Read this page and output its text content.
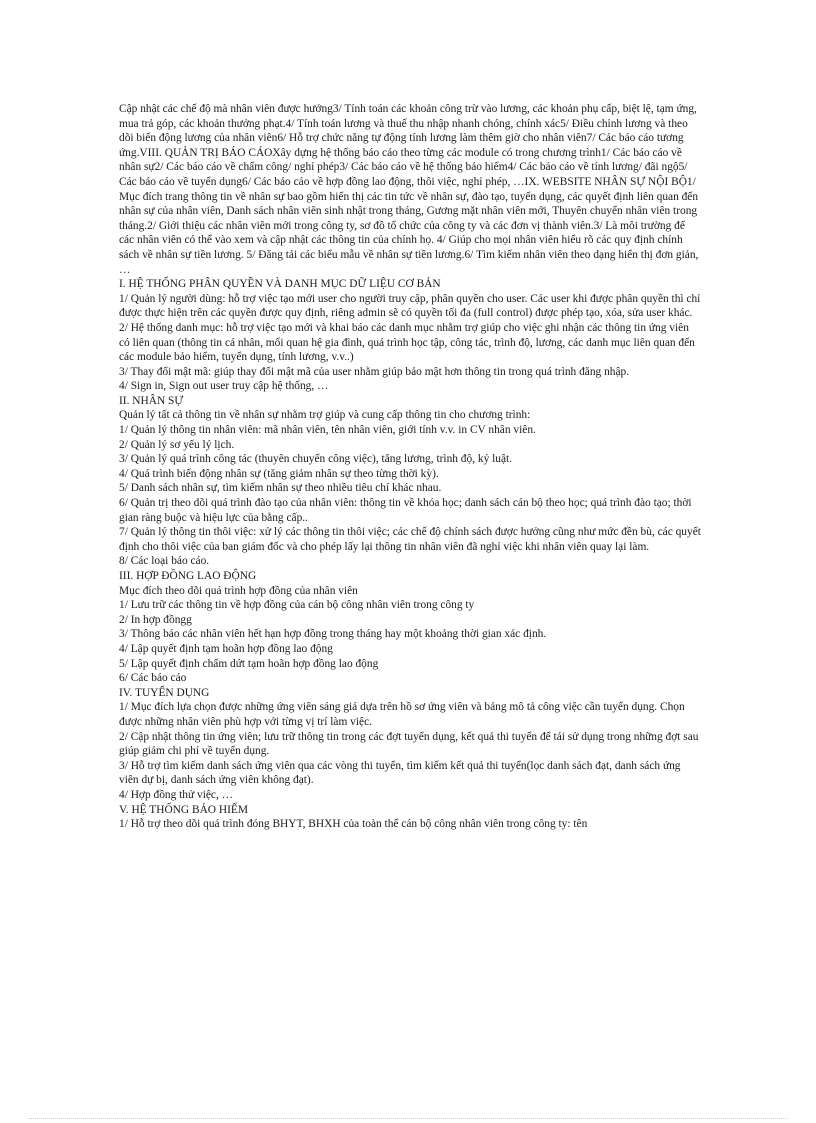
Cập nhật các chế độ mà nhân viên được hưởng3/ Tính toán các khoản công trừ vào lương, các khoản phụ cấp, biệt lệ, tạm ứng, mua trả góp, các khoản thưởng phạt.4/ Tính toán lương và thuế thu nhập nhanh chóng, chính xác5/ Điều chỉnh lương và theo dõi biến động lương của nhân viên6/ Hỗ trợ chức năng tự động tính lương làm thêm giờ cho nhân viên7/ Các báo cáo tương ứng.VIII. QUẢN TRỊ BÁO CÁOXây dựng hệ thống báo cáo theo từng các module có trong chương trình1/ Các báo cáo về nhân sự2/ Các báo cáo về chấm công/ nghỉ phép3/ Các báo cáo về hệ thống bảo hiểm4/ Các báo cáo về tính lương/ đãi ngộ5/ Các báo cáo về tuyển dụng6/ Các báo cáo về hợp đồng lao động, thôi việc, nghỉ phép, …IX. WEBSITE NHÂN SỰ NỘI BỘ1/ Mục đích trang thông tin về nhân sự bao gồm hiển thị các tin tức về nhân sự, đào tạo, tuyển dụng, các quyết định liên quan đến nhân sự của nhân viên, Danh sách nhân viên sinh nhật trong tháng, Gương mặt nhân viên mới, Thuyên chuyển nhân viên trong tháng.2/ Giới thiệu các nhân viên mới trong công ty, sơ đồ tổ chức của công ty và các đơn vị thành viên.3/ Là môi trường để các nhân viên có thể vào xem và cập nhật các thông tin của chính họ. 4/ Giúp cho mọi nhân viên hiểu rõ các quy định chính sách về nhân sự tiền lương. 5/ Đăng tải các biểu mẫu về nhân sự tiền lương.6/ Tìm kiếm nhân viên theo dạng hiển thị đơn giản, …

I. HỆ THỐNG PHÂN QUYỀN VÀ DANH MỤC DỮ LIỆU CƠ BẢN

1/ Quản lý người dùng: hỗ trợ việc tạo mới user cho người truy cập, phân quyền cho user. Các user khi được phân quyền thì chỉ được thực hiện trên các quyền được quy định, riêng admin sẽ có quyền tối đa (full control) được phép tạo, xóa, sửa user khác.

2/ Hệ thống danh mục: hỗ trợ việc tạo mới và khai báo các danh mục nhằm trợ giúp cho việc ghi nhận các thông tin ứng viên có liên quan (thông tin cá nhân, mối quan hệ gia đình, quá trình học tập, công tác, trình độ, lương, các danh mục liên quan đến các module bảo hiểm, tuyển dụng, tính lương, v.v..)

3/ Thay đổi mật mã: giúp thay đổi mật mã của user nhằm giúp bảo mật hơn thông tin trong quá trình đăng nhập.

4/ Sign in, Sign out user truy cập hệ thống, …

II. NHÂN SỰ

Quản lý tất cả thông tin về nhân sự nhằm trợ giúp và cung cấp thông tin cho chương trình:

1/ Quản lý thông tin nhân viên: mã nhân viên, tên nhân viên, giới tính v.v. in CV nhân viên.

2/ Quản lý sơ yếu lý lịch.

3/ Quản lý quá trình công tác (thuyên chuyển công việc), tăng lương, trình độ, kỷ luật.

4/ Quá trình biến động nhân sự (tăng giảm nhân sự theo từng thời kỳ).

5/ Danh sách nhân sự, tìm kiếm nhân sự theo nhiều tiêu chí khác nhau.

6/ Quản trị theo dõi quá trình đào tạo của nhân viên: thông tin về khóa học; danh sách cán bộ theo học; quá trình đào tạo; thời gian ràng buộc và hiệu lực của bằng cấp..

7/ Quản lý thông tin thôi việc: xử lý các thông tin thôi việc; các chế độ chính sách được hưởng cũng như mức đền bù, các quyết định cho thôi việc của ban giám đốc và cho phép lấy lại thông tin nhân viên đã nghỉ việc khi nhân viên quay lại làm.

8/ Các loại báo cáo.

III. HỢP ĐỒNG LAO ĐỘNG

Mục đích theo dõi quá trình hợp đồng của nhân viên

1/ Lưu trữ các thông tin về hợp đồng của cán bộ công nhân viên trong công ty

2/ In hợp đồngg

3/ Thông báo các nhân viên hết hạn hợp đồng trong tháng hay một khoảng thời gian xác định.

4/ Lập quyết định tạm hoãn hợp đồng lao động

5/ Lập quyết định chấm dứt tạm hoãn hợp đồng lao động

6/ Các báo cáo

IV. TUYỂN DỤNG

1/ Mục đích lựa chọn được những ứng viên sáng giá dựa trên hồ sơ ứng viên và bảng mô tả công việc cần tuyển dụng. Chọn được những nhân viên phù hợp với từng vị trí làm việc.

2/ Cập nhật thông tin ứng viên; lưu trữ thông tin trong các đợt tuyển dụng, kết quả thi tuyển để tái sử dụng trong những đợt sau giúp giảm chi phí về tuyển dụng.

3/ Hỗ trợ tìm kiếm danh sách ứng viên qua các vòng thi tuyển, tìm kiếm kết quả thi tuyển(lọc danh sách đạt, danh sách ứng viên dự bị, danh sách ứng viên không đạt).

4/ Hợp đồng thử việc, …

V. HỆ THỐNG BẢO HIỂM

1/ Hỗ trợ theo dõi quá trình đóng BHYT, BHXH của toàn thể cán bộ công nhân viên trong công ty: tên
